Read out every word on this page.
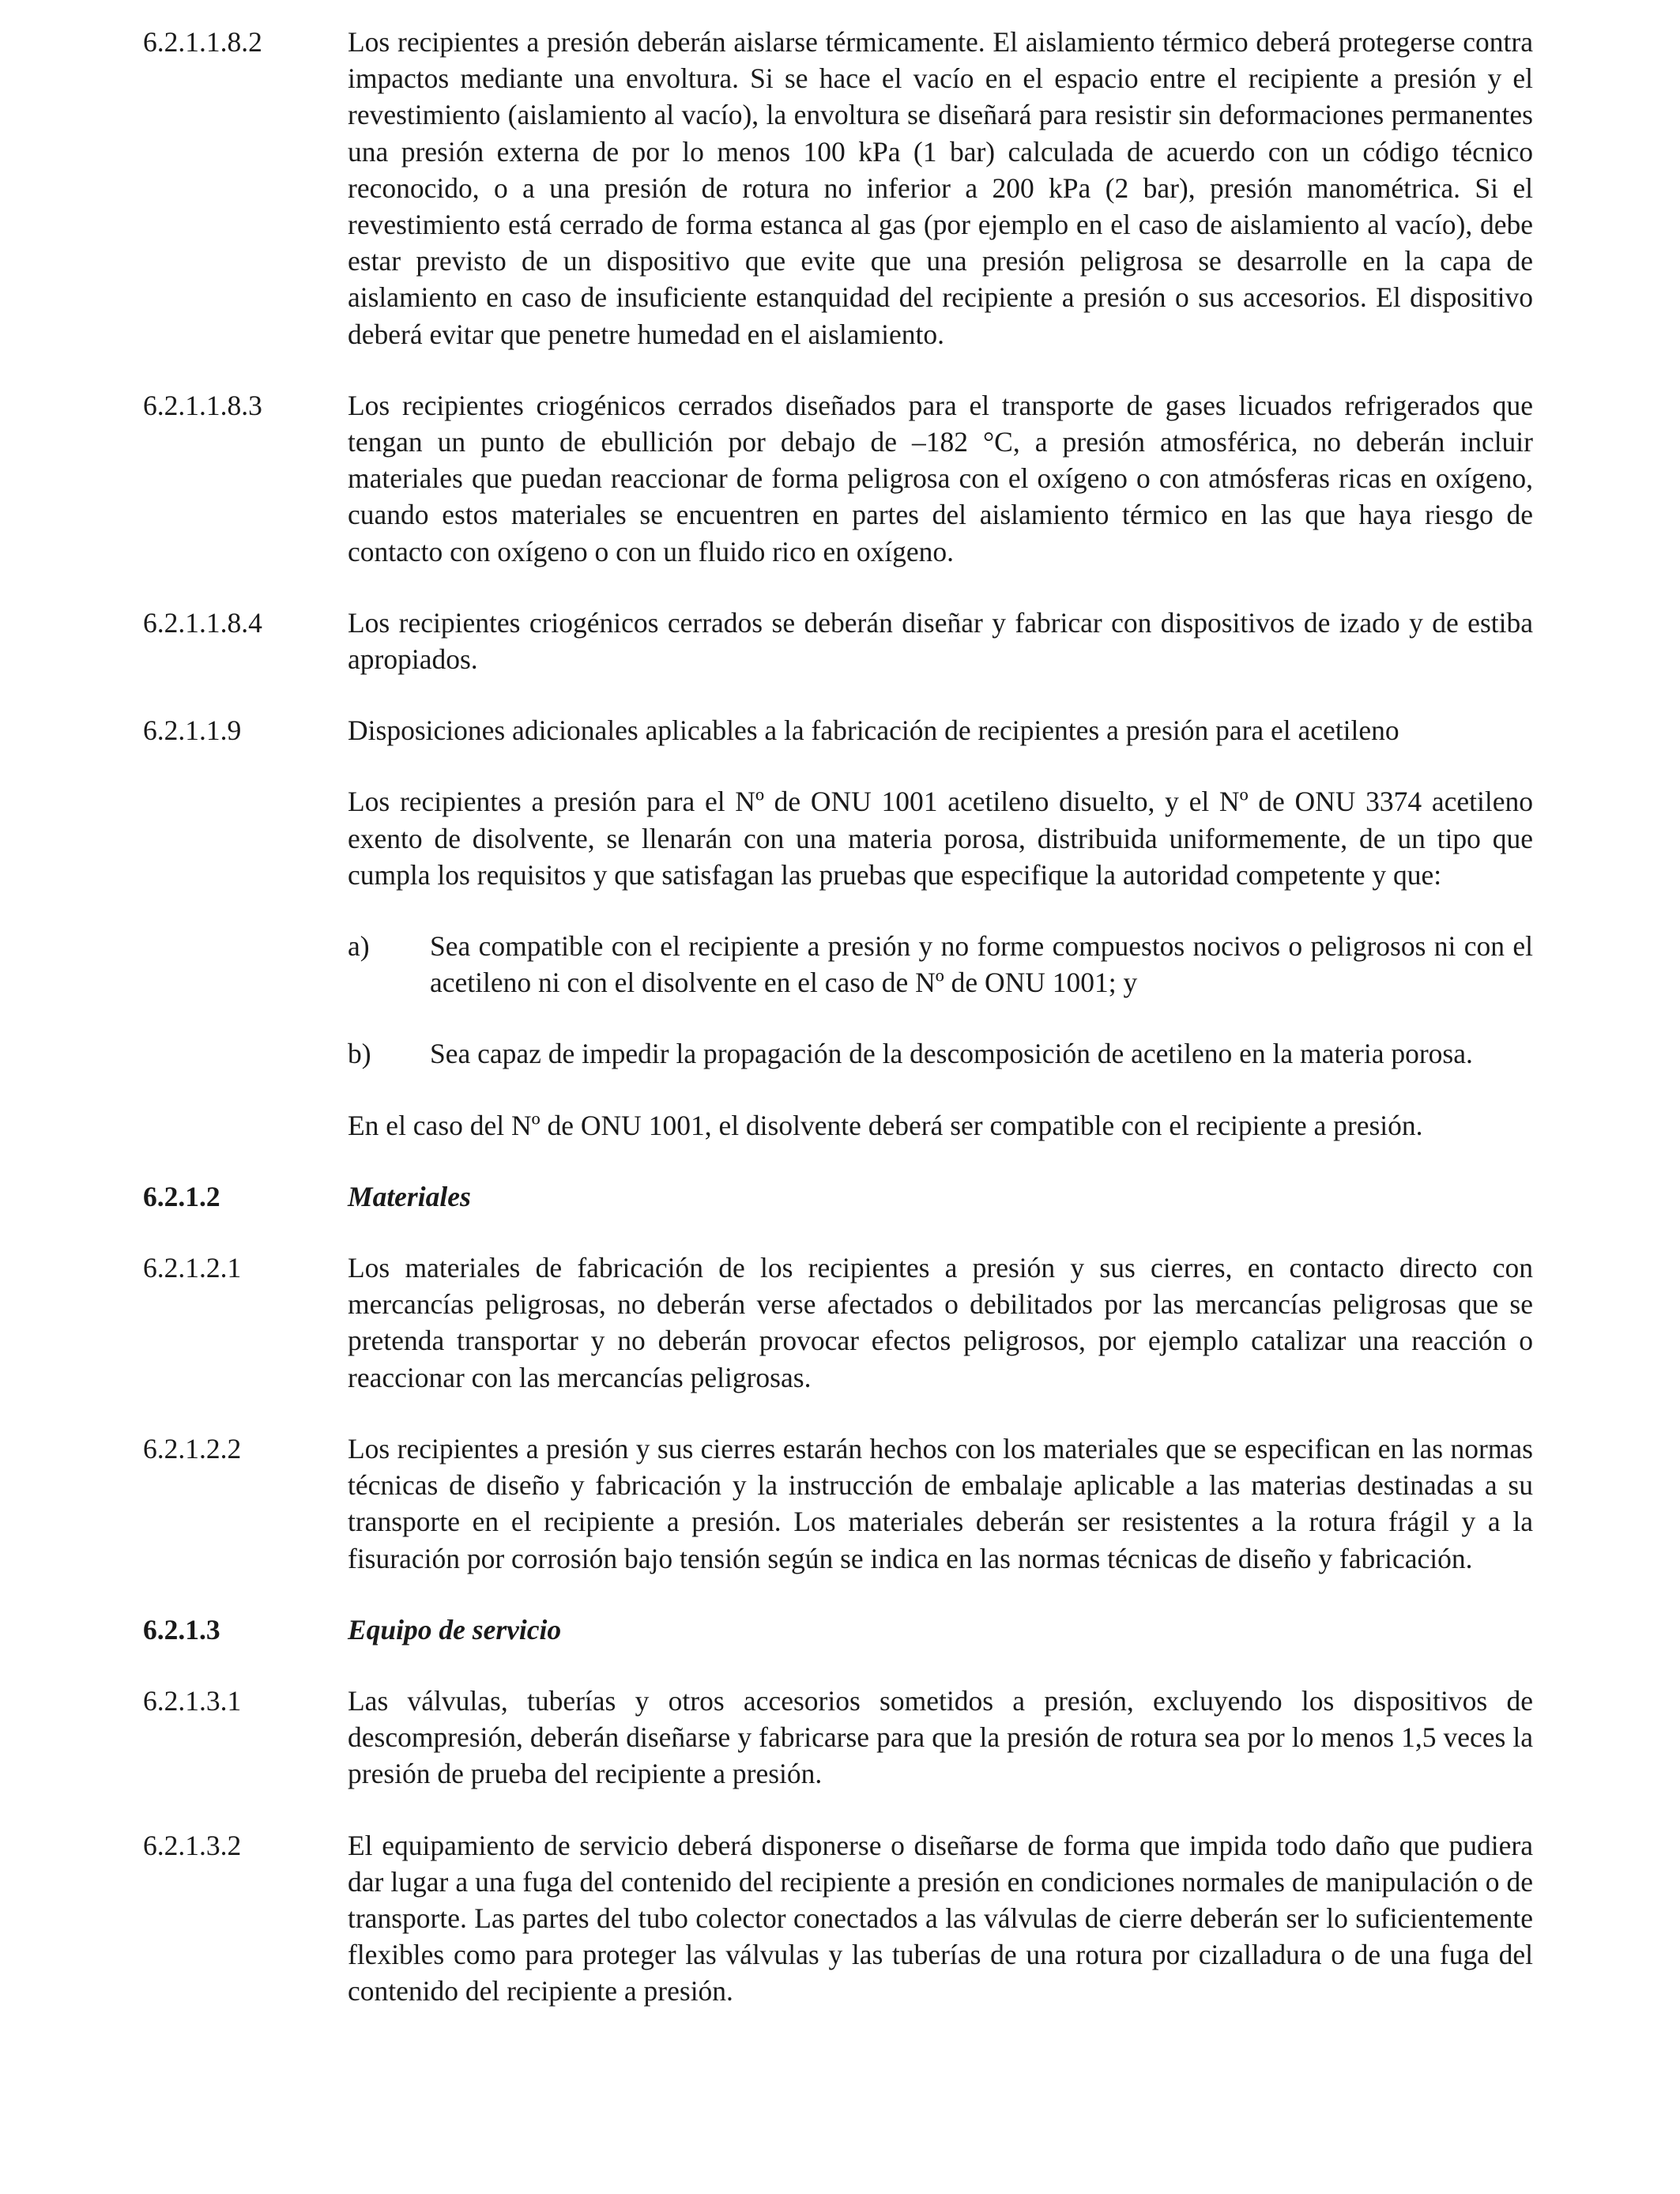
6.2.1.1.8.2	Los recipientes a presión deberán aislarse térmicamente. El aislamiento térmico deberá protegerse contra impactos mediante una envoltura. Si se hace el vacío en el espacio entre el recipiente a presión y el revestimiento (aislamiento al vacío), la envoltura se diseñará para resistir sin deformaciones permanentes una presión externa de por lo menos 100 kPa (1 bar) calculada de acuerdo con un código técnico reconocido, o a una presión de rotura no inferior a 200 kPa (2 bar), presión manométrica. Si el revestimiento está cerrado de forma estanca al gas (por ejemplo en el caso de aislamiento al vacío), debe estar previsto de un dispositivo que evite que una presión peligrosa se desarrolle en la capa de aislamiento en caso de insuficiente estanquidad del recipiente a presión o sus accesorios. El dispositivo deberá evitar que penetre humedad en el aislamiento.
6.2.1.1.8.3	Los recipientes criogénicos cerrados diseñados para el transporte de gases licuados refrigerados que tengan un punto de ebullición por debajo de –182 °C, a presión atmosférica, no deberán incluir materiales que puedan reaccionar de forma peligrosa con el oxígeno o con atmósferas ricas en oxígeno, cuando estos materiales se encuentren en partes del aislamiento térmico en las que haya riesgo de contacto con oxígeno o con un fluido rico en oxígeno.
6.2.1.1.8.4	Los recipientes criogénicos cerrados se deberán diseñar y fabricar con dispositivos de izado y de estiba apropiados.
6.2.1.1.9	Disposiciones adicionales aplicables a la fabricación de recipientes a presión para el acetileno
Los recipientes a presión para el Nº de ONU 1001 acetileno disuelto, y el Nº de ONU 3374 acetileno exento de disolvente, se llenarán con una materia porosa, distribuida uniformemente, de un tipo que cumpla los requisitos y que satisfagan las pruebas que especifique la autoridad competente y que:
a)	Sea compatible con el recipiente a presión y no forme compuestos nocivos o peligrosos ni con el acetileno ni con el disolvente en el caso de Nº de ONU 1001; y
b)	Sea capaz de impedir la propagación de la descomposición de acetileno en la materia porosa.
En el caso del Nº de ONU 1001, el disolvente deberá ser compatible con el recipiente a presión.
6.2.1.2	Materiales
6.2.1.2.1	Los materiales de fabricación de los recipientes a presión y sus cierres, en contacto directo con mercancías peligrosas, no deberán verse afectados o debilitados por las mercancías peligrosas que se pretenda transportar y no deberán provocar efectos peligrosos, por ejemplo catalizar una reacción o reaccionar con las mercancías peligrosas.
6.2.1.2.2	Los recipientes a presión y sus cierres estarán hechos con los materiales que se especifican en las normas técnicas de diseño y fabricación y la instrucción de embalaje aplicable a las materias destinadas a su transporte en el recipiente a presión. Los materiales deberán ser resistentes a la rotura frágil y a la fisuración por corrosión bajo tensión según se indica en las normas técnicas de diseño y fabricación.
6.2.1.3	Equipo de servicio
6.2.1.3.1	Las válvulas, tuberías y otros accesorios sometidos a presión, excluyendo los dispositivos de descompresión, deberán diseñarse y fabricarse para que la presión de rotura sea por lo menos 1,5 veces la presión de prueba del recipiente a presión.
6.2.1.3.2	El equipamiento de servicio deberá disponerse o diseñarse de forma que impida todo daño que pudiera dar lugar a una fuga del contenido del recipiente a presión en condiciones normales de manipulación o de transporte. Las partes del tubo colector conectados a las válvulas de cierre deberán ser lo suficientemente flexibles como para proteger las válvulas y las tuberías de una rotura por cizalladura o de una fuga del contenido del recipiente a presión.
